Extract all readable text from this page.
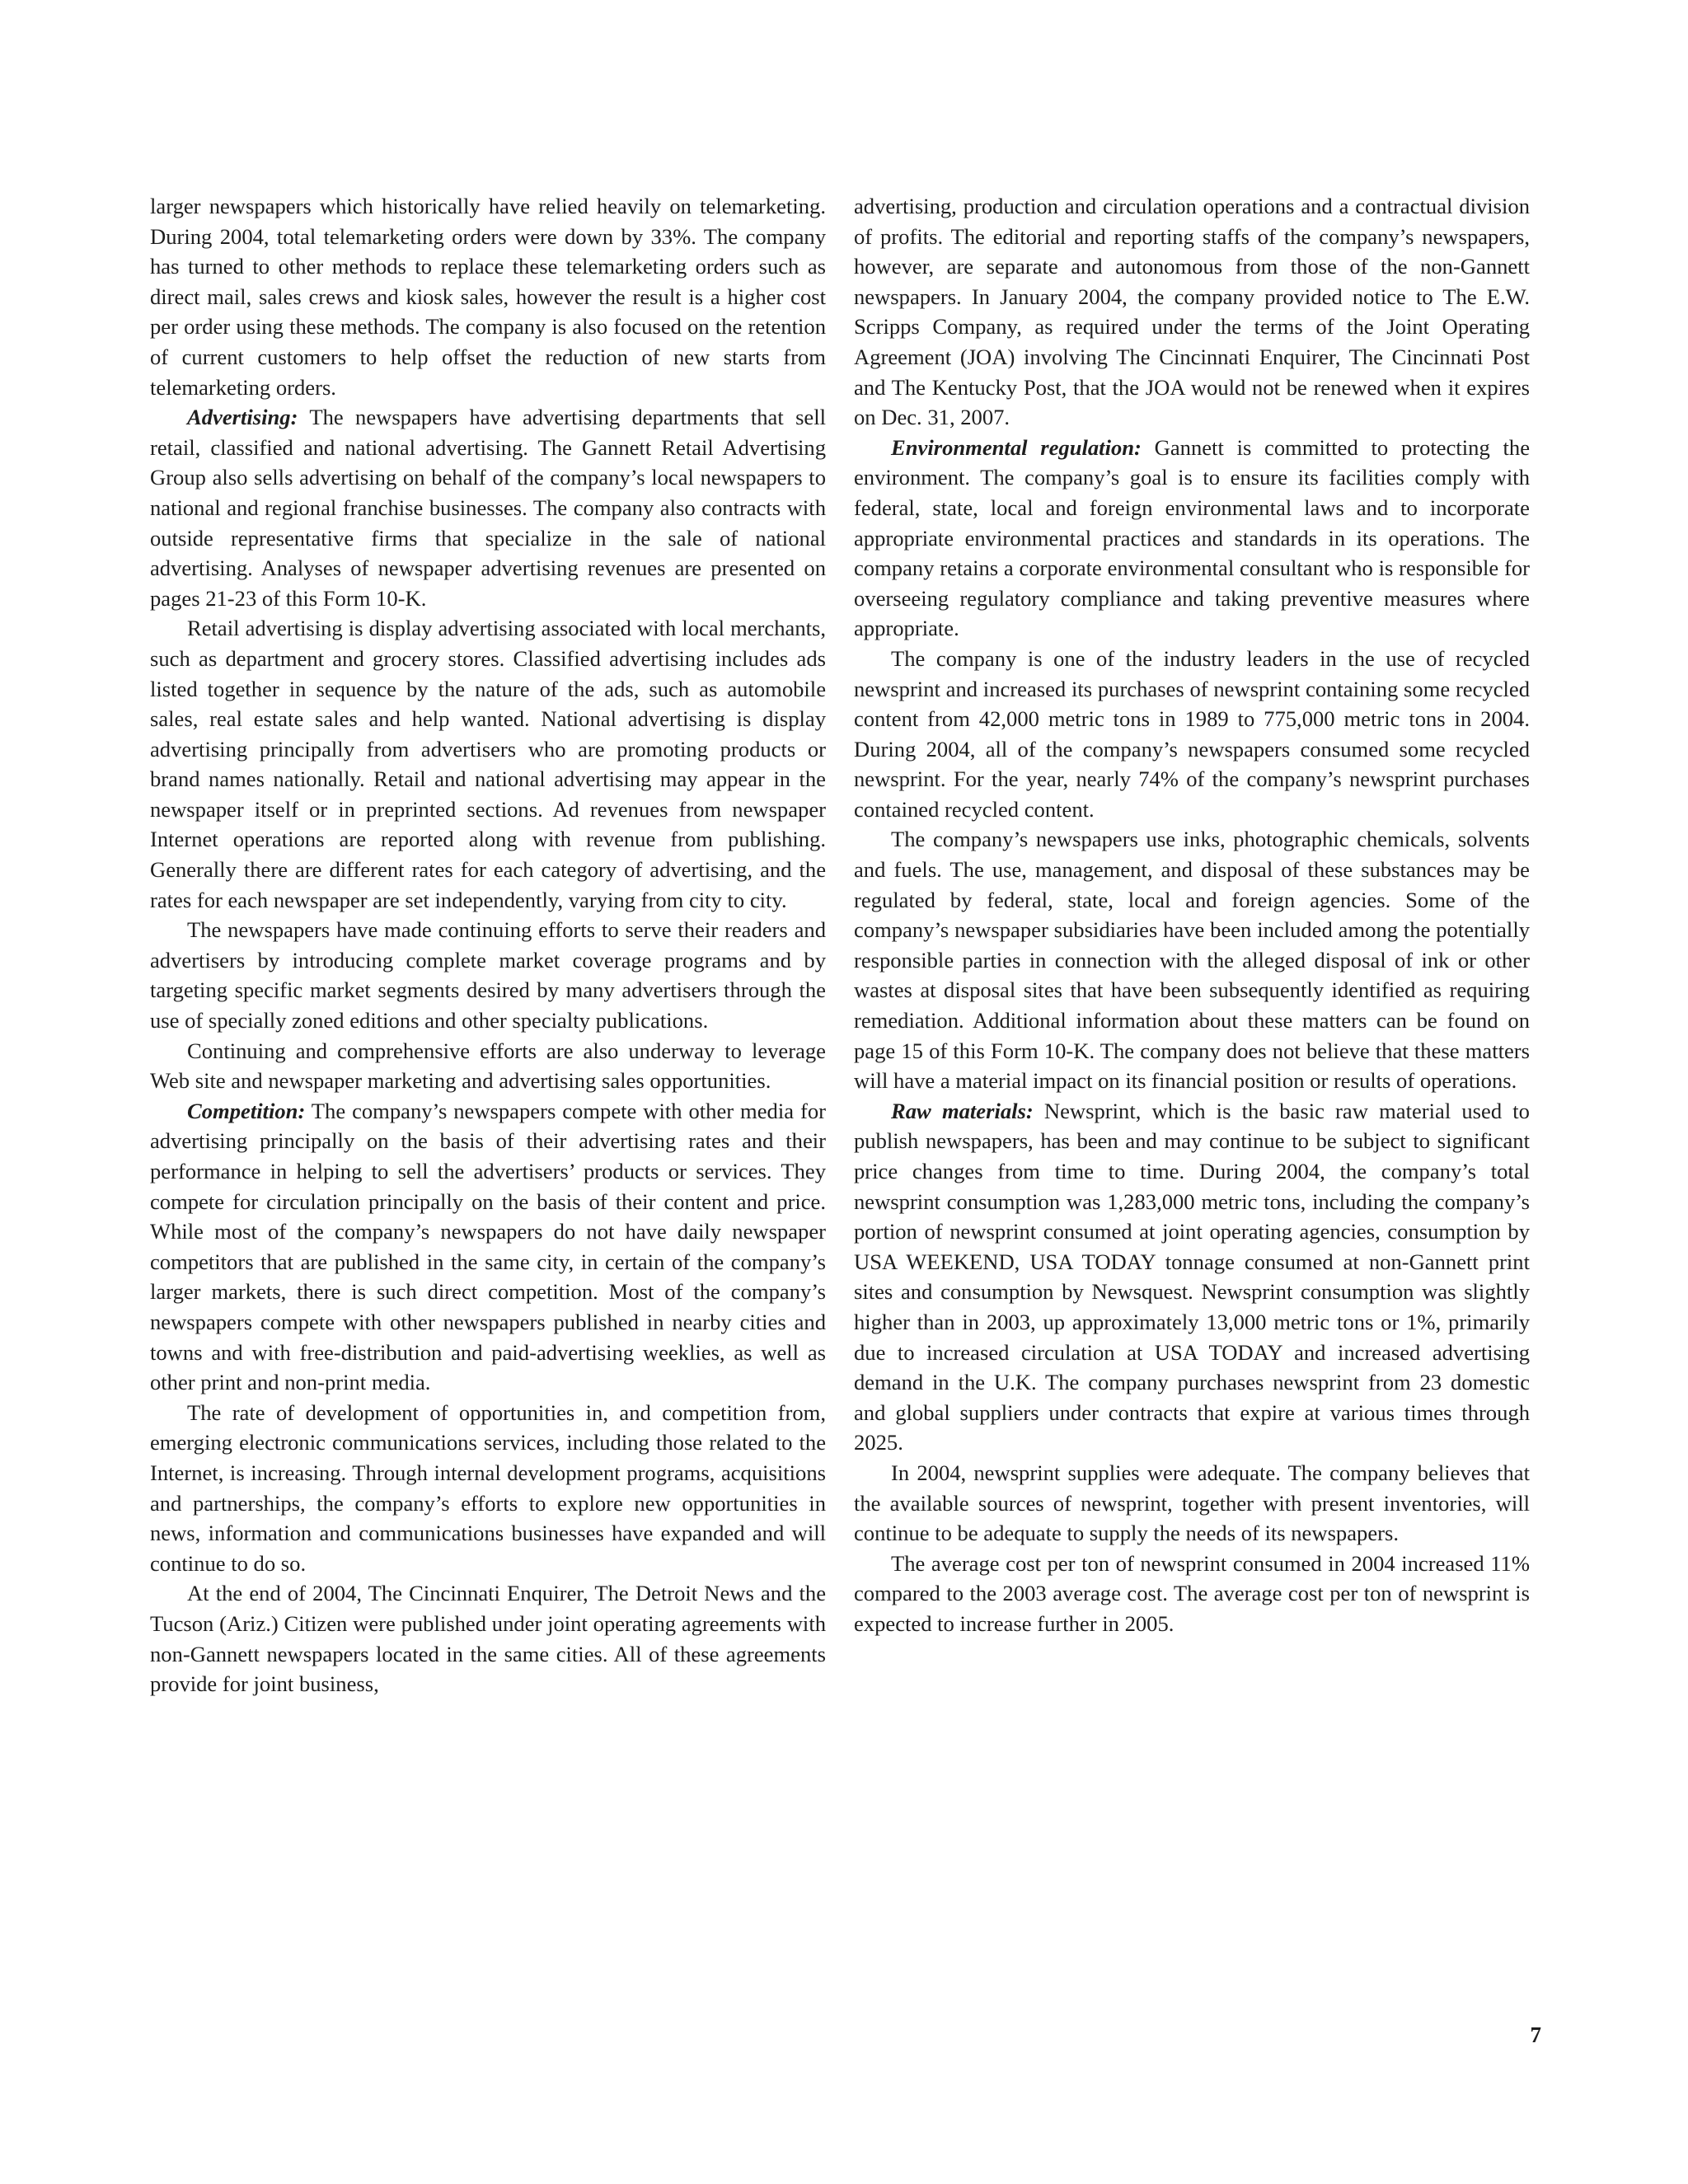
larger newspapers which historically have relied heavily on telemarketing. During 2004, total telemarketing orders were down by 33%. The company has turned to other methods to replace these telemarketing orders such as direct mail, sales crews and kiosk sales, however the result is a higher cost per order using these methods. The company is also focused on the retention of current customers to help offset the reduction of new starts from telemarketing orders.

Advertising: The newspapers have advertising departments that sell retail, classified and national advertising. The Gannett Retail Advertising Group also sells advertising on behalf of the company’s local newspapers to national and regional franchise businesses. The company also contracts with outside representative firms that specialize in the sale of national advertising. Analyses of newspaper advertising revenues are presented on pages 21-23 of this Form 10-K.

Retail advertising is display advertising associated with local merchants, such as department and grocery stores. Classified advertising includes ads listed together in sequence by the nature of the ads, such as automobile sales, real estate sales and help wanted. National advertising is display advertising principally from advertisers who are promoting products or brand names nationally. Retail and national advertising may appear in the newspaper itself or in preprinted sections. Ad revenues from newspaper Internet operations are reported along with revenue from publishing. Generally there are different rates for each category of advertising, and the rates for each newspaper are set independently, varying from city to city.

The newspapers have made continuing efforts to serve their readers and advertisers by introducing complete market coverage programs and by targeting specific market segments desired by many advertisers through the use of specially zoned editions and other specialty publications.

Continuing and comprehensive efforts are also underway to leverage Web site and newspaper marketing and advertising sales opportunities.

Competition: The company’s newspapers compete with other media for advertising principally on the basis of their advertising rates and their performance in helping to sell the advertisers’ products or services. They compete for circulation principally on the basis of their content and price. While most of the company’s newspapers do not have daily newspaper competitors that are published in the same city, in certain of the company’s larger markets, there is such direct competition. Most of the company’s newspapers compete with other newspapers published in nearby cities and towns and with free-distribution and paid-advertising weeklies, as well as other print and non-print media.

The rate of development of opportunities in, and competition from, emerging electronic communications services, including those related to the Internet, is increasing. Through internal development programs, acquisitions and partnerships, the company’s efforts to explore new opportunities in news, information and communications businesses have expanded and will continue to do so.

At the end of 2004, The Cincinnati Enquirer, The Detroit News and the Tucson (Ariz.) Citizen were published under joint operating agreements with non-Gannett newspapers located in the same cities. All of these agreements provide for joint business,

advertising, production and circulation operations and a contractual division of profits. The editorial and reporting staffs of the company’s newspapers, however, are separate and autonomous from those of the non-Gannett newspapers. In January 2004, the company provided notice to The E.W. Scripps Company, as required under the terms of the Joint Operating Agreement (JOA) involving The Cincinnati Enquirer, The Cincinnati Post and The Kentucky Post, that the JOA would not be renewed when it expires on Dec. 31, 2007.

Environmental regulation: Gannett is committed to protecting the environment. The company’s goal is to ensure its facilities comply with federal, state, local and foreign environmental laws and to incorporate appropriate environmental practices and standards in its operations. The company retains a corporate environmental consultant who is responsible for overseeing regulatory compliance and taking preventive measures where appropriate.

The company is one of the industry leaders in the use of recycled newsprint and increased its purchases of newsprint containing some recycled content from 42,000 metric tons in 1989 to 775,000 metric tons in 2004. During 2004, all of the company’s newspapers consumed some recycled newsprint. For the year, nearly 74% of the company’s newsprint purchases contained recycled content.

The company’s newspapers use inks, photographic chemicals, solvents and fuels. The use, management, and disposal of these substances may be regulated by federal, state, local and foreign agencies. Some of the company’s newspaper subsidiaries have been included among the potentially responsible parties in connection with the alleged disposal of ink or other wastes at disposal sites that have been subsequently identified as requiring remediation. Additional information about these matters can be found on page 15 of this Form 10-K. The company does not believe that these matters will have a material impact on its financial position or results of operations.

Raw materials: Newsprint, which is the basic raw material used to publish newspapers, has been and may continue to be subject to significant price changes from time to time. During 2004, the company’s total newsprint consumption was 1,283,000 metric tons, including the company’s portion of newsprint consumed at joint operating agencies, consumption by USA WEEKEND, USA TODAY tonnage consumed at non-Gannett print sites and consumption by Newsquest. Newsprint consumption was slightly higher than in 2003, up approximately 13,000 metric tons or 1%, primarily due to increased circulation at USA TODAY and increased advertising demand in the U.K. The company purchases newsprint from 23 domestic and global suppliers under contracts that expire at various times through 2025.

In 2004, newsprint supplies were adequate. The company believes that the available sources of newsprint, together with present inventories, will continue to be adequate to supply the needs of its newspapers.

The average cost per ton of newsprint consumed in 2004 increased 11% compared to the 2003 average cost. The average cost per ton of newsprint is expected to increase further in 2005.

7
